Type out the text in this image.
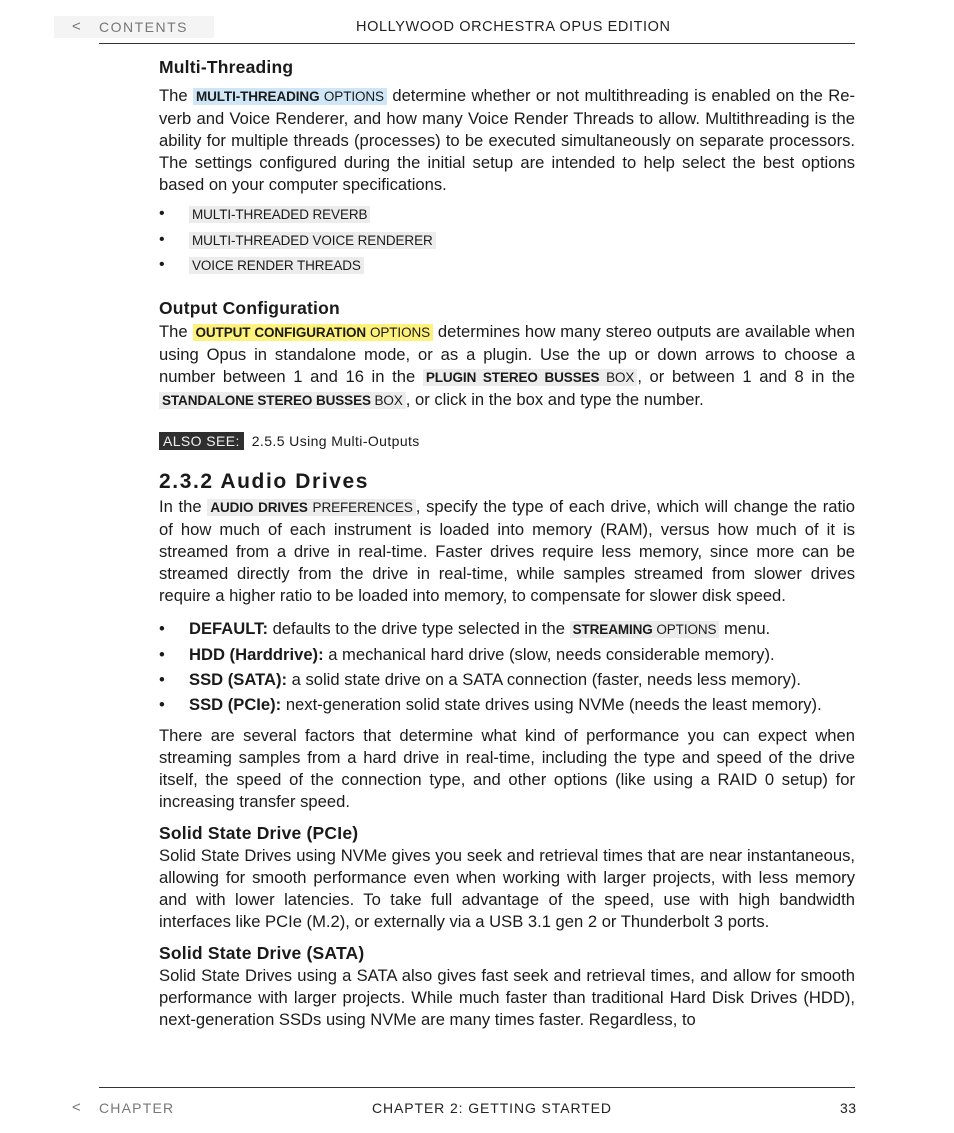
< CONTENTS	HOLLYWOOD ORCHESTRA OPUS EDITION
Multi-Threading

The MULTI-THREADING OPTIONS determine whether or not multithreading is enabled on the Reverb and Voice Renderer, and how many Voice Render Threads to allow. Multithreading is the ability for multiple threads (processes) to be executed simultaneously on separate processors. The settings configured during the initial setup are intended to help select the best options based on your computer specifications.

• MULTI-THREADED REVERB
• MULTI-THREADED VOICE RENDERER
• VOICE RENDER THREADS
Output Configuration

The OUTPUT CONFIGURATION OPTIONS determines how many stereo outputs are available when using Opus in standalone mode, or as a plugin. Use the up or down arrows to choose a number between 1 and 16 in the PLUGIN STEREO BUSSES BOX , or between 1 and 8 in the STANDALONE STEREO BUSSES BOX , or click in the box and type the number.

ALSO SEE: 2.5.5 Using Multi-Outputs
2.3.2 Audio Drives

In the AUDIO DRIVES PREFERENCES , specify the type of each drive, which will change the ratio of how much of each instrument is loaded into memory (RAM), versus how much of it is streamed from a drive in real-time. Faster drives require less memory, since more can be streamed directly from the drive in real-time, while samples streamed from slower drives require a higher ratio to be loaded into memory, to compensate for slower disk speed.

• DEFAULT: defaults to the drive type selected in the STREAMING OPTIONS menu.
• HDD (Harddrive): a mechanical hard drive (slow, needs considerable memory).
• SSD (SATA): a solid state drive on a SATA connection (faster, needs less memory).
• SSD (PCIe): next-generation solid state drives using NVMe (needs the least memory).

There are several factors that determine what kind of performance you can expect when streaming samples from a hard drive in real-time, including the type and speed of the drive itself, the speed of the connection type, and other options (like using a RAID 0 setup) for increasing transfer speed.

Solid State Drive (PCIe)

Solid State Drives using NVMe gives you seek and retrieval times that are near instantaneous, allowing for smooth performance even when working with larger projects, with less memory and with lower latencies. To take full advantage of the speed, use with high bandwidth interfaces like PCIe (M.2), or externally via a USB 3.1 gen 2 or Thunderbolt 3 ports.

Solid State Drive (SATA)

Solid State Drives using a SATA also gives fast seek and retrieval times, and allow for smooth performance with larger projects. While much faster than traditional Hard Disk Drives (HDD), next-generation SSDs using NVMe are many times faster. Regardless, to

< CHAPTER	CHAPTER 2: GETTING STARTED	33
